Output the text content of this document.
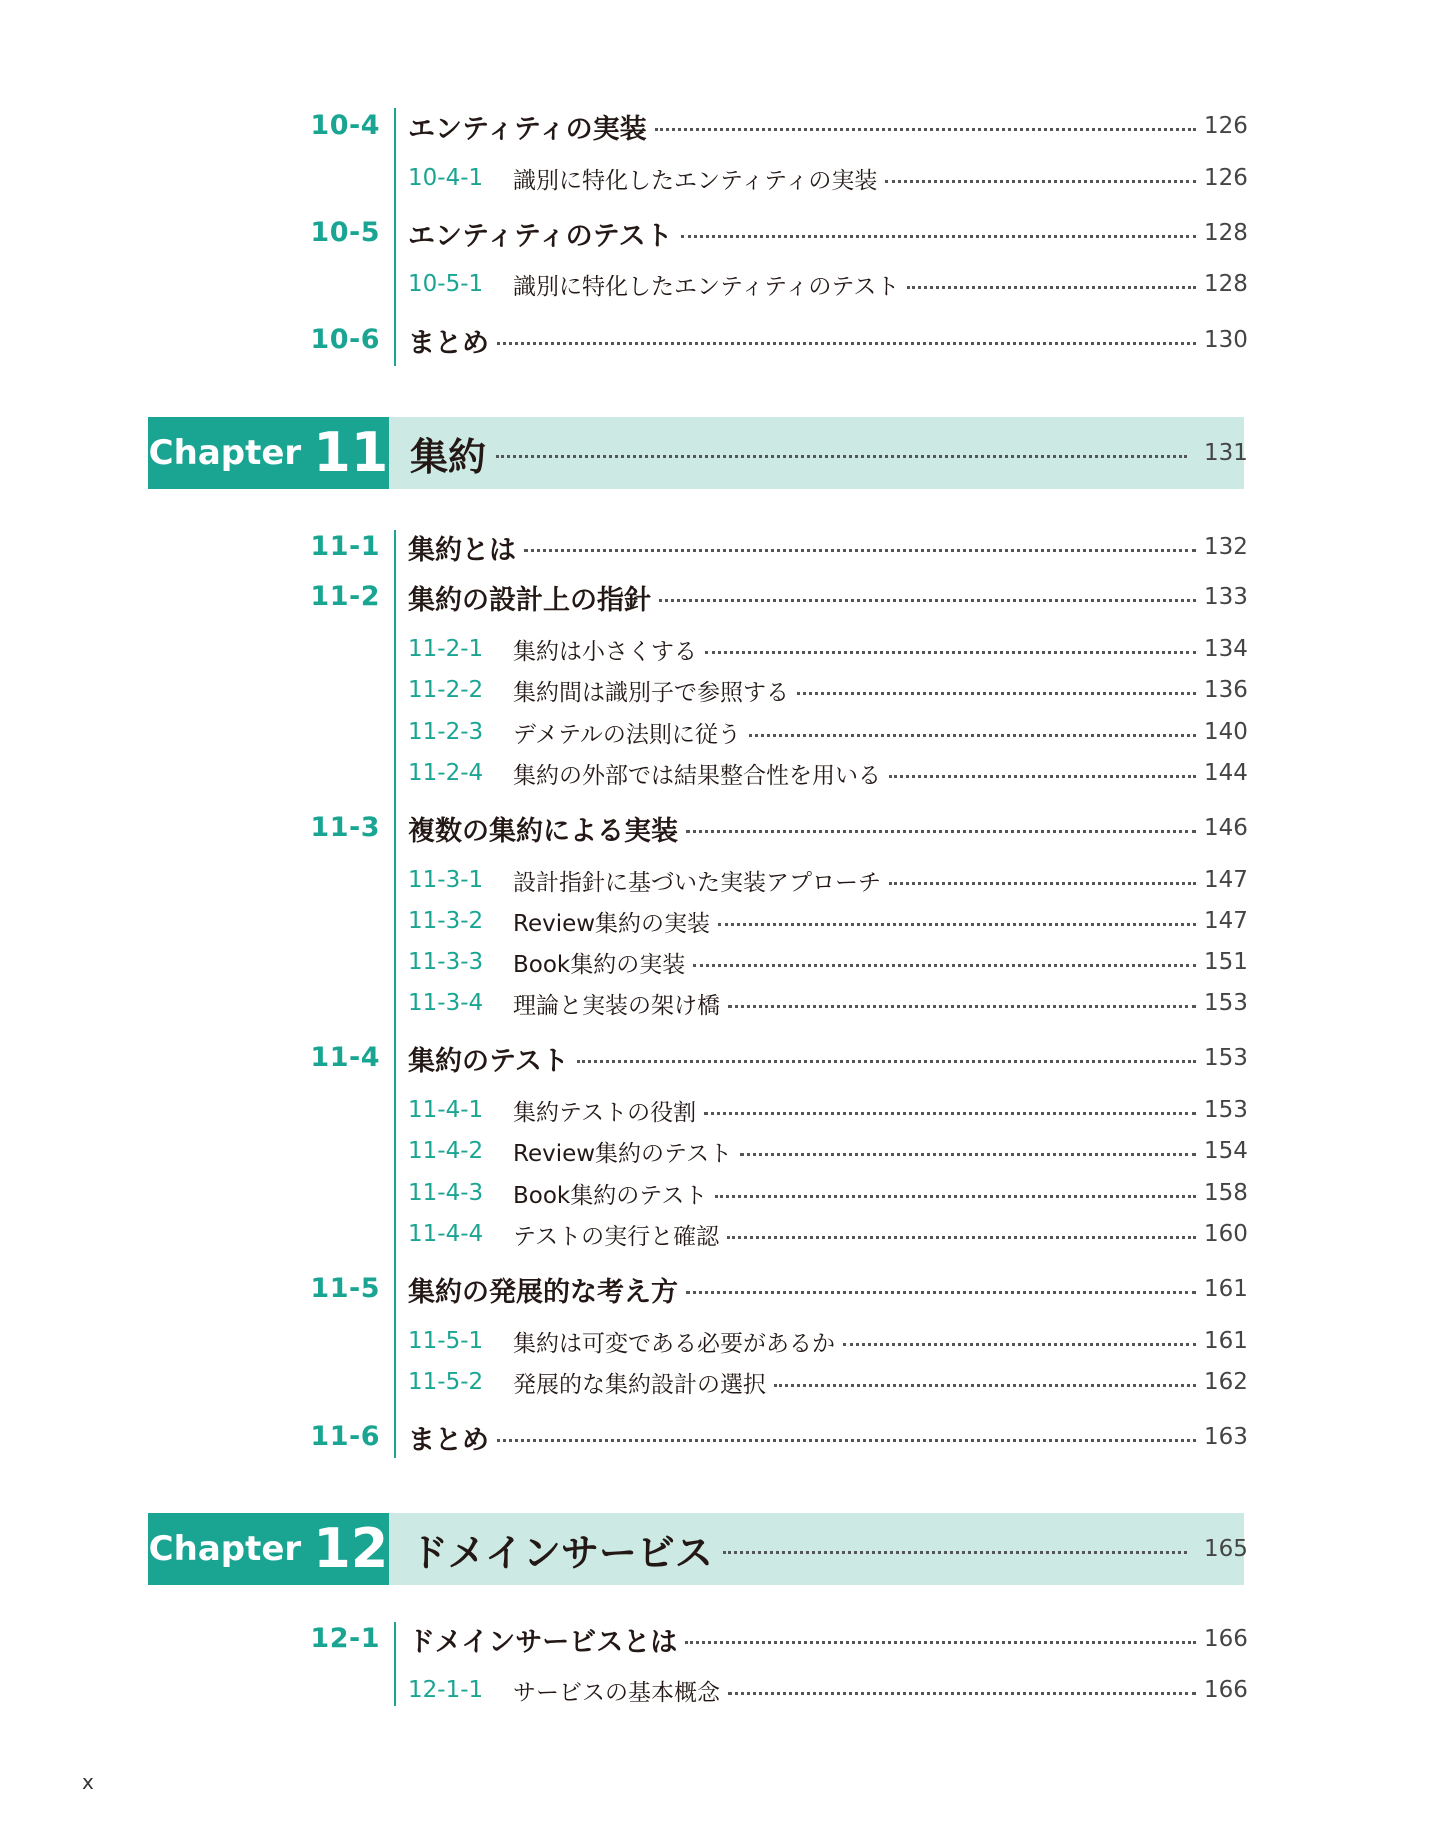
10-4 エンティティの実装	126
10-4-1 識別に特化したエンティティの実装	126
10-5 エンティティのテスト	128
10-5-1 識別に特化したエンティティのテスト	128
10-6 まとめ	130
Chapter 11 集約	131
11-1 集約とは	132
11-2 集約の設計上の指針	133
11-2-1 集約は小さくする	134
11-2-2 集約間は識別子で参照する	136
11-2-3 デメテルの法則に従う	140
11-2-4 集約の外部では結果整合性を用いる	144
11-3 複数の集約による実装	146
11-3-1 設計指針に基づいた実装アプローチ	147
11-3-2 Review集約の実装	147
11-3-3 Book集約の実装	151
11-3-4 理論と実装の架け橋	153
11-4 集約のテスト	153
11-4-1 集約テストの役割	153
11-4-2 Review集約のテスト	154
11-4-3 Book集約のテスト	158
11-4-4 テストの実行と確認	160
11-5 集約の発展的な考え方	161
11-5-1 集約は可変である必要があるか	161
11-5-2 発展的な集約設計の選択	162
11-6 まとめ	163
Chapter 12 ドメインサービス	165
12-1 ドメインサービスとは	166
12-1-1 サービスの基本概念	166
x
